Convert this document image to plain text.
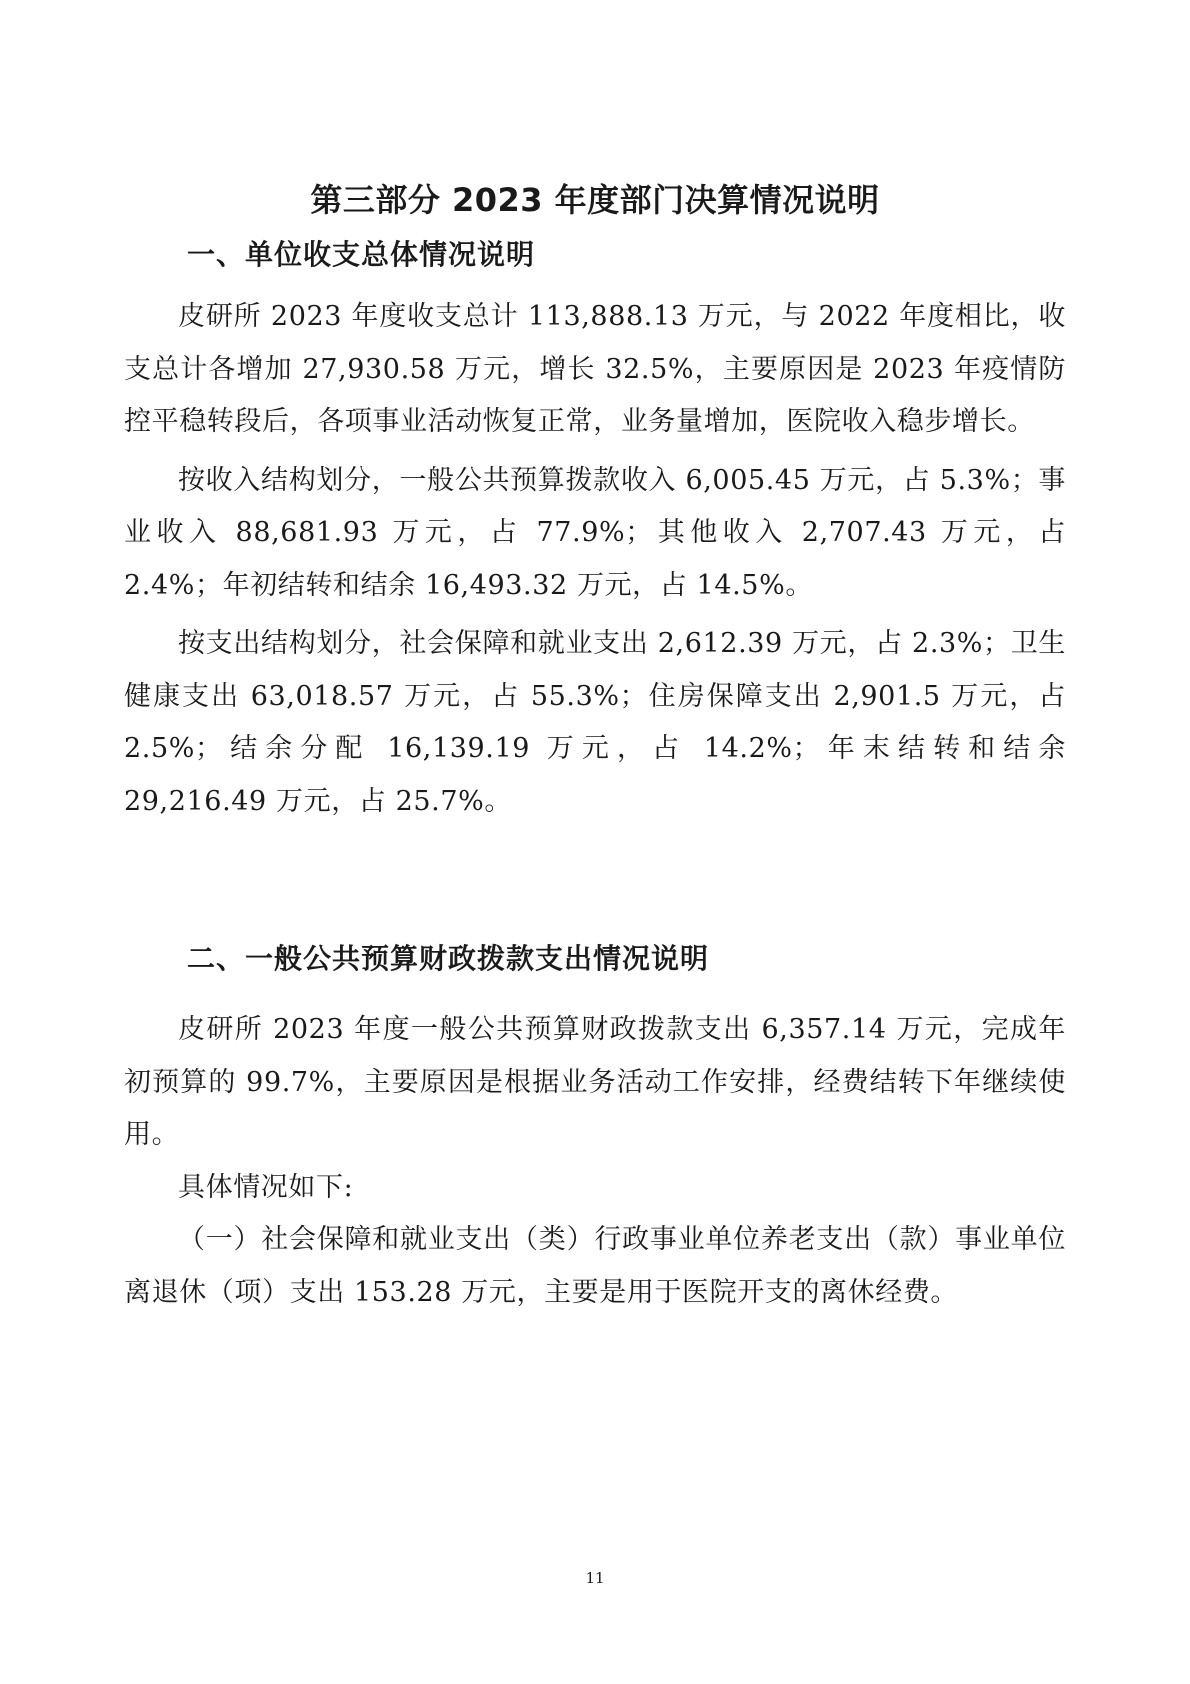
第三部分 2023 年度部门决算情况说明
一、单位收支总体情况说明

皮研所 2023 年度收支总计 113,888.13 万元，与 2022 年度相比，收支总计各增加 27,930.58 万元，增长 32.5%，主要原因是 2023 年疫情防控平稳转段后，各项事业活动恢复正常，业务量增加，医院收入稳步增长。

按收入结构划分，一般公共预算拨款收入 6,005.45 万元，占 5.3%；事业收入 88,681.93 万元，占 77.9%；其他收入 2,707.43 万元，占 2.4%；年初结转和结余 16,493.32 万元，占 14.5%。

按支出结构划分，社会保障和就业支出 2,612.39 万元，占 2.3%；卫生健康支出 63,018.57 万元，占 55.3%；住房保障支出 2,901.5 万元，占 2.5%；结余分配 16,139.19 万元，占 14.2%；年末结转和结余 29,216.49 万元，占 25.7%。

二、一般公共预算财政拨款支出情况说明

皮研所 2023 年度一般公共预算财政拨款支出 6,357.14 万元，完成年初预算的 99.7%，主要原因是根据业务活动工作安排，经费结转下年继续使用。

具体情况如下:

（一）社会保障和就业支出（类）行政事业单位养老支出（款）事业单位离退休（项）支出 153.28 万元，主要是用于医院开支的离休经费。

11
